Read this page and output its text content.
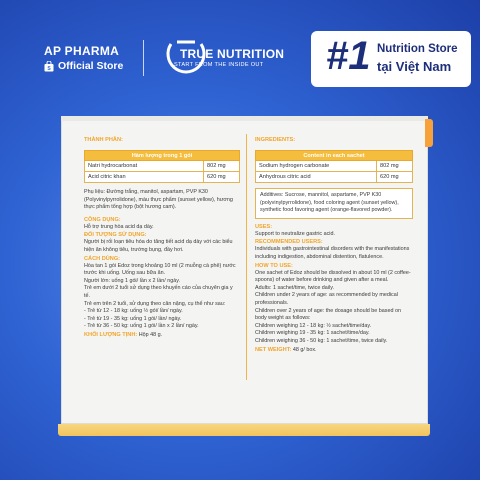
AP PHARMA
S Official Store
TRUE NUTRITION
START FROM THE INSIDE OUT #1 Nutrition Store
tại Việt Nam
THÀNH PHẦN:
Hàm lượng trong 1 gói	
Natri hydrocarbonat	802 mg
Acid citric khan	620 mg
Phụ liệu: Đường trắng, manitol, aspartam, PVP K30 (Polyvinylpyrrolidone), màu thực phẩm (sunset yellow), hương thực phẩm tổng hợp (bột hương cam).
CÔNG DỤNG:
Hỗ trợ trung hòa acid dạ dày.
ĐỐI TƯỢNG SỬ DỤNG:
Người bị rối loạn tiêu hóa do tăng tiết acid dạ dày với các biểu hiện ăn không tiêu, trướng bụng, đầy hơi.
CÁCH DÙNG:
Hòa tan 1 gói Edoz trong khoảng 10 ml (2 muỗng cà phê) nước trước khi uống. Uống sau bữa ăn.
Người lớn: uống 1 gói/ lần x 2 lần/ ngày.
Trẻ em dưới 2 tuổi sử dụng theo khuyến cáo của chuyên gia y tế.
Trẻ em trên 2 tuổi, sử dụng theo cân nặng, cụ thể như sau:
- Trẻ từ 12 - 18 kg: uống ½ gói/ lần/ ngày.
- Trẻ từ 19 - 35 kg: uống 1 gói/ lần/ ngày.
- Trẻ từ 36 - 50 kg: uống 1 gói/ lần x 2 lần/ ngày.
KHỐI LƯỢNG TỊNH: Hộp 48 g.
INGREDIENTS:
Content in each sachet	
Sodium hydrogen carbonate	802 mg
Anhydrous citric acid	620 mg
Additives: Sucrose, mannitol, aspartame, PVP K30 (polyvinylpyrrolidone), food coloring agent (sunset yellow), synthetic food favoring agent (orange-flavored powder).
USES:
Support to neutralize gastric acid.
RECOMMENDED USERS:
Individuals with gastrointestinal disorders with the manifestations including indigestion, abdominal distention, flatulence.
HOW TO USE:
One sachet of Edoz should be dissolved in about 10 ml (2 coffee-spoons) of water before drinking and given after a meal.
Adults: 1 sachet/time, twice daily.
Children under 2 years of age: as recommended by medical professionals.
Children over 2 years of age: the dosage should be based on body weight as follows:
Children weighing 12 - 18 kg: ½ sachet/time/day.
Children weighing 19 - 35 kg: 1 sachet/time/day.
Children weighing 36 - 50 kg: 1 sachet/time, twice daily.
NET WEIGHT: 48 g/ box.
